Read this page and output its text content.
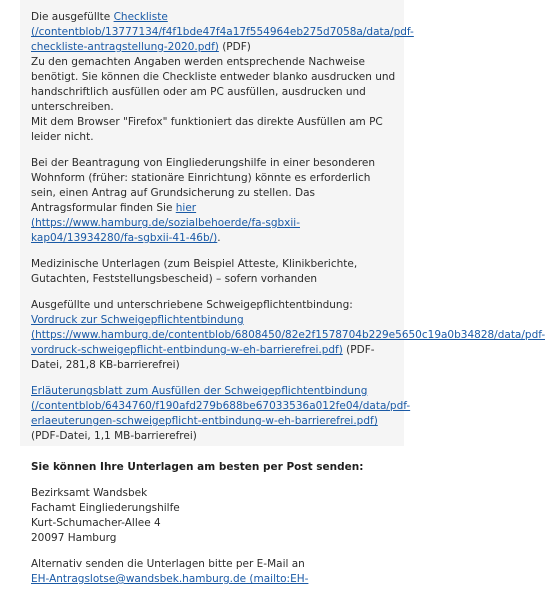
Die ausgefüllte Checkliste (/contentblob/13777134/f4f1bde47f4a17f554964eb275d7058a/data/pdf-checkliste-antragstellung-2020.pdf) (PDF)

Zu den gemachten Angaben werden entsprechende Nachweise benötigt. Sie können die Checkliste entweder blanko ausdrucken und handschriftlich ausfüllen oder am PC ausfüllen, ausdrucken und unterschreiben.

Mit dem Browser "Firefox" funktioniert das direkte Ausfüllen am PC leider nicht.

Bei der Beantragung von Eingliederungshilfe in einer besonderen Wohnform (früher: stationäre Einrichtung) könnte es erforderlich sein, einen Antrag auf Grundsicherung zu stellen. Das Antragsformular finden Sie hier (https://www.hamburg.de/sozialbehoerde/fa-sgbxii-kap04/13934280/fa-sgbxii-41-46b/).

Medizinische Unterlagen (zum Beispiel Atteste, Klinikberichte, Gutachten, Feststellungsbescheid) – sofern vorhanden

Ausgefüllte und unterschriebene Schweigepflichtentbindung:

Vordruck zur Schweigepflichtentbindung (https://www.hamburg.de/contentblob/6808450/82e2f1578704b229e5650c19a0b34828/data/pdf-vordruck-schweigepflicht-entbindung-w-eh-barrierefrei.pdf) (PDF-Datei, 281,8 KB-barrierefrei)

Erläuterungsblatt zum Ausfüllen der Schweigepflichtentbindung (/contentblob/6434760/f190afd279b688be67033536a012fe04/data/pdf-erlaeuterungen-schweigepflicht-entbindung-w-eh-barrierefrei.pdf) (PDF-Datei, 1,1 MB-barrierefrei)

Sie können Ihre Unterlagen am besten per Post senden:

Bezirksamt Wandsbek
Fachamt Eingliederungshilfe
Kurt-Schumacher-Allee 4
20097 Hamburg

Alternativ senden die Unterlagen bitte per E-Mail an

EH-Antragslotse@wandsbek.hamburg.de (mailto:EH-
